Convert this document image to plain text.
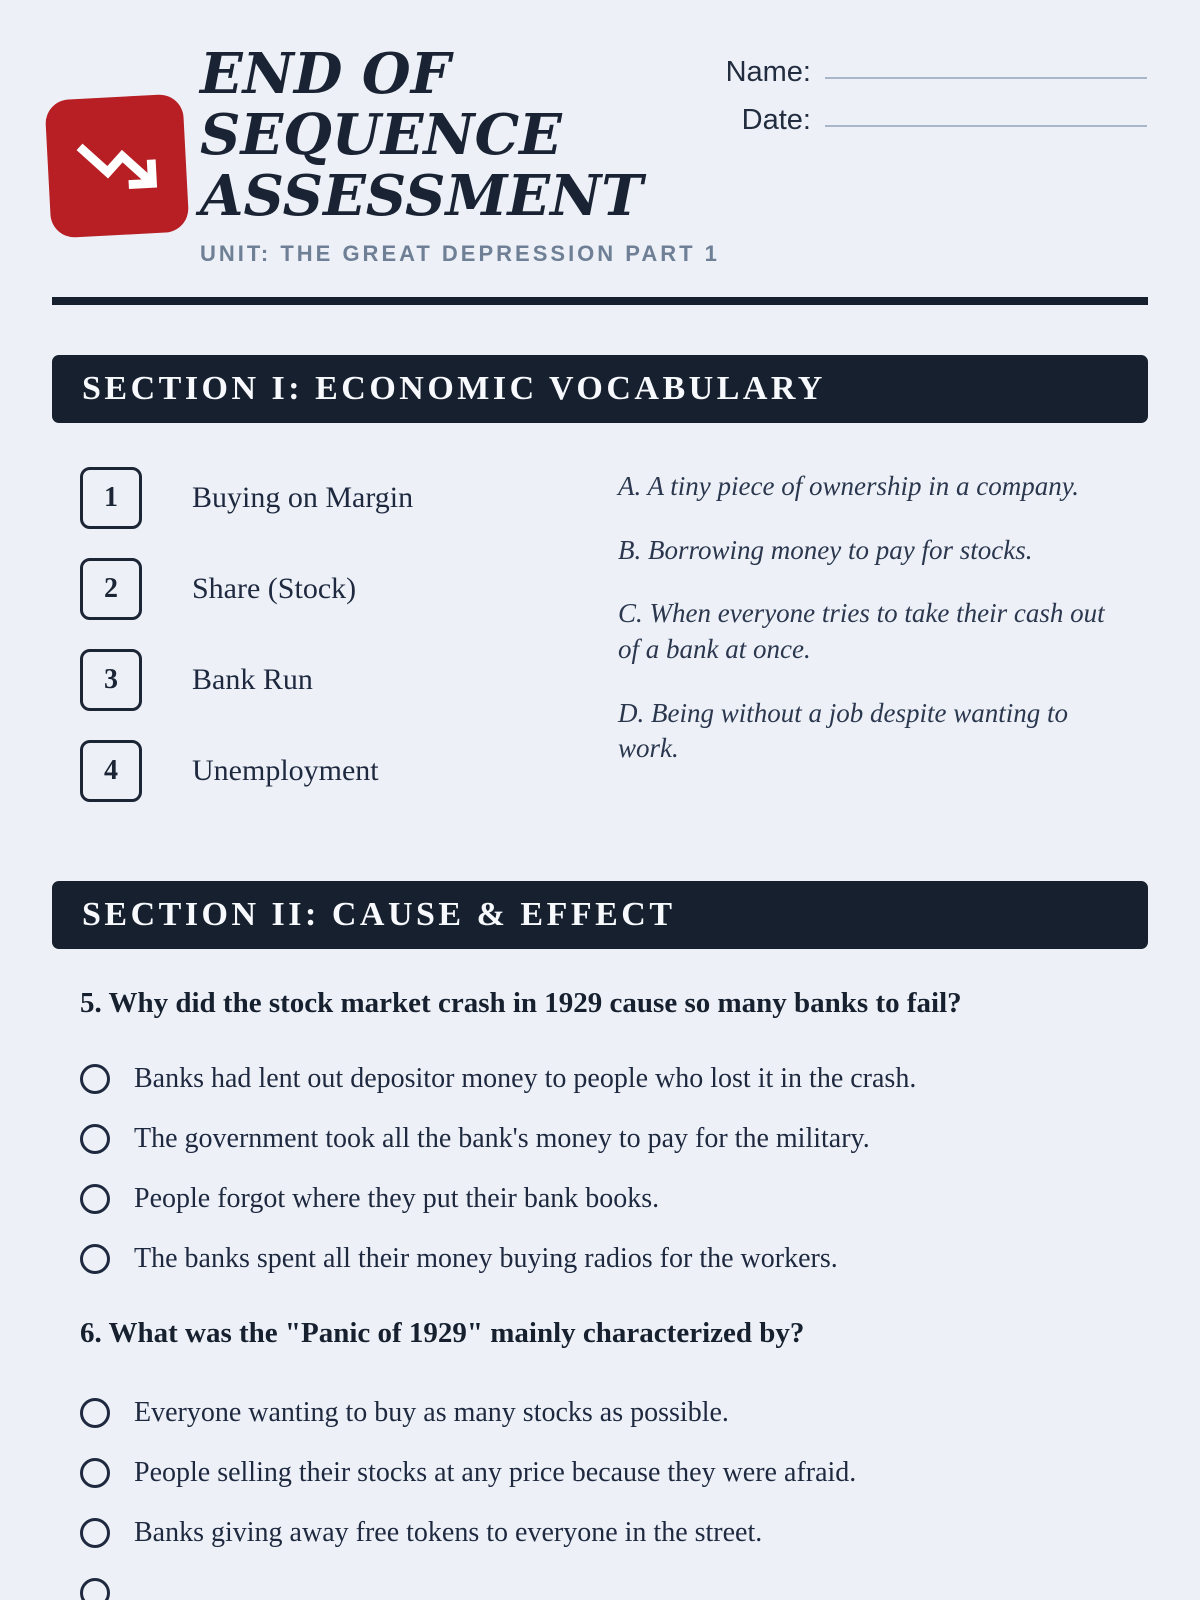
END OF
SEQUENCE
ASSESSMENT
UNIT: THE GREAT DEPRESSION PART 1
Name:
Date:
SECTION I: ECONOMIC VOCABULARY
1	Buying on Margin
2	Share (Stock)
3	Bank Run
4	Unemployment

A. A tiny piece of ownership in a company.

B. Borrowing money to pay for stocks.

C. When everyone tries to take their cash out of a bank at once.

D. Being without a job despite wanting to work.

SECTION II: CAUSE & EFFECT
5. Why did the stock market crash in 1929 cause so many banks to fail?
Banks had lent out depositor money to people who lost it in the crash.
The government took all the bank's money to pay for the military.
People forgot where they put their bank books.
The banks spent all their money buying radios for the workers.
6. What was the "Panic of 1929" mainly characterized by?
Everyone wanting to buy as many stocks as possible.
People selling their stocks at any price because they were afraid.
Banks giving away free tokens to everyone in the street.
